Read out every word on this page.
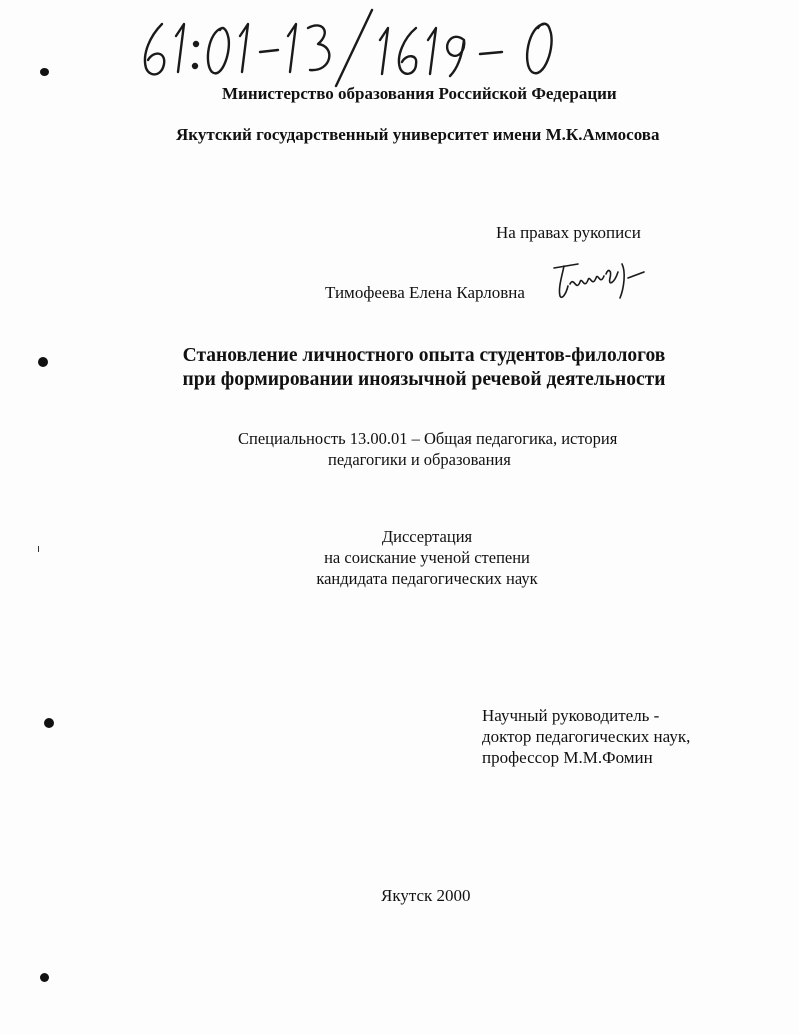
Министерство образования Российской Федерации
Якутский государственный университет имени М.К.Аммосова
На правах рукописи
Тимофеева Елена Карловна
Становление личностного опыта студентов-филологов
при формировании иноязычной речевой деятельности
Специальность 13.00.01 – Общая педагогика, история
педагогики и образования
Диссертация
на соискание ученой степени
кандидата педагогических наук
Научный руководитель -
доктор педагогических наук,
профессор М.М.Фомин
Якутск 2000
